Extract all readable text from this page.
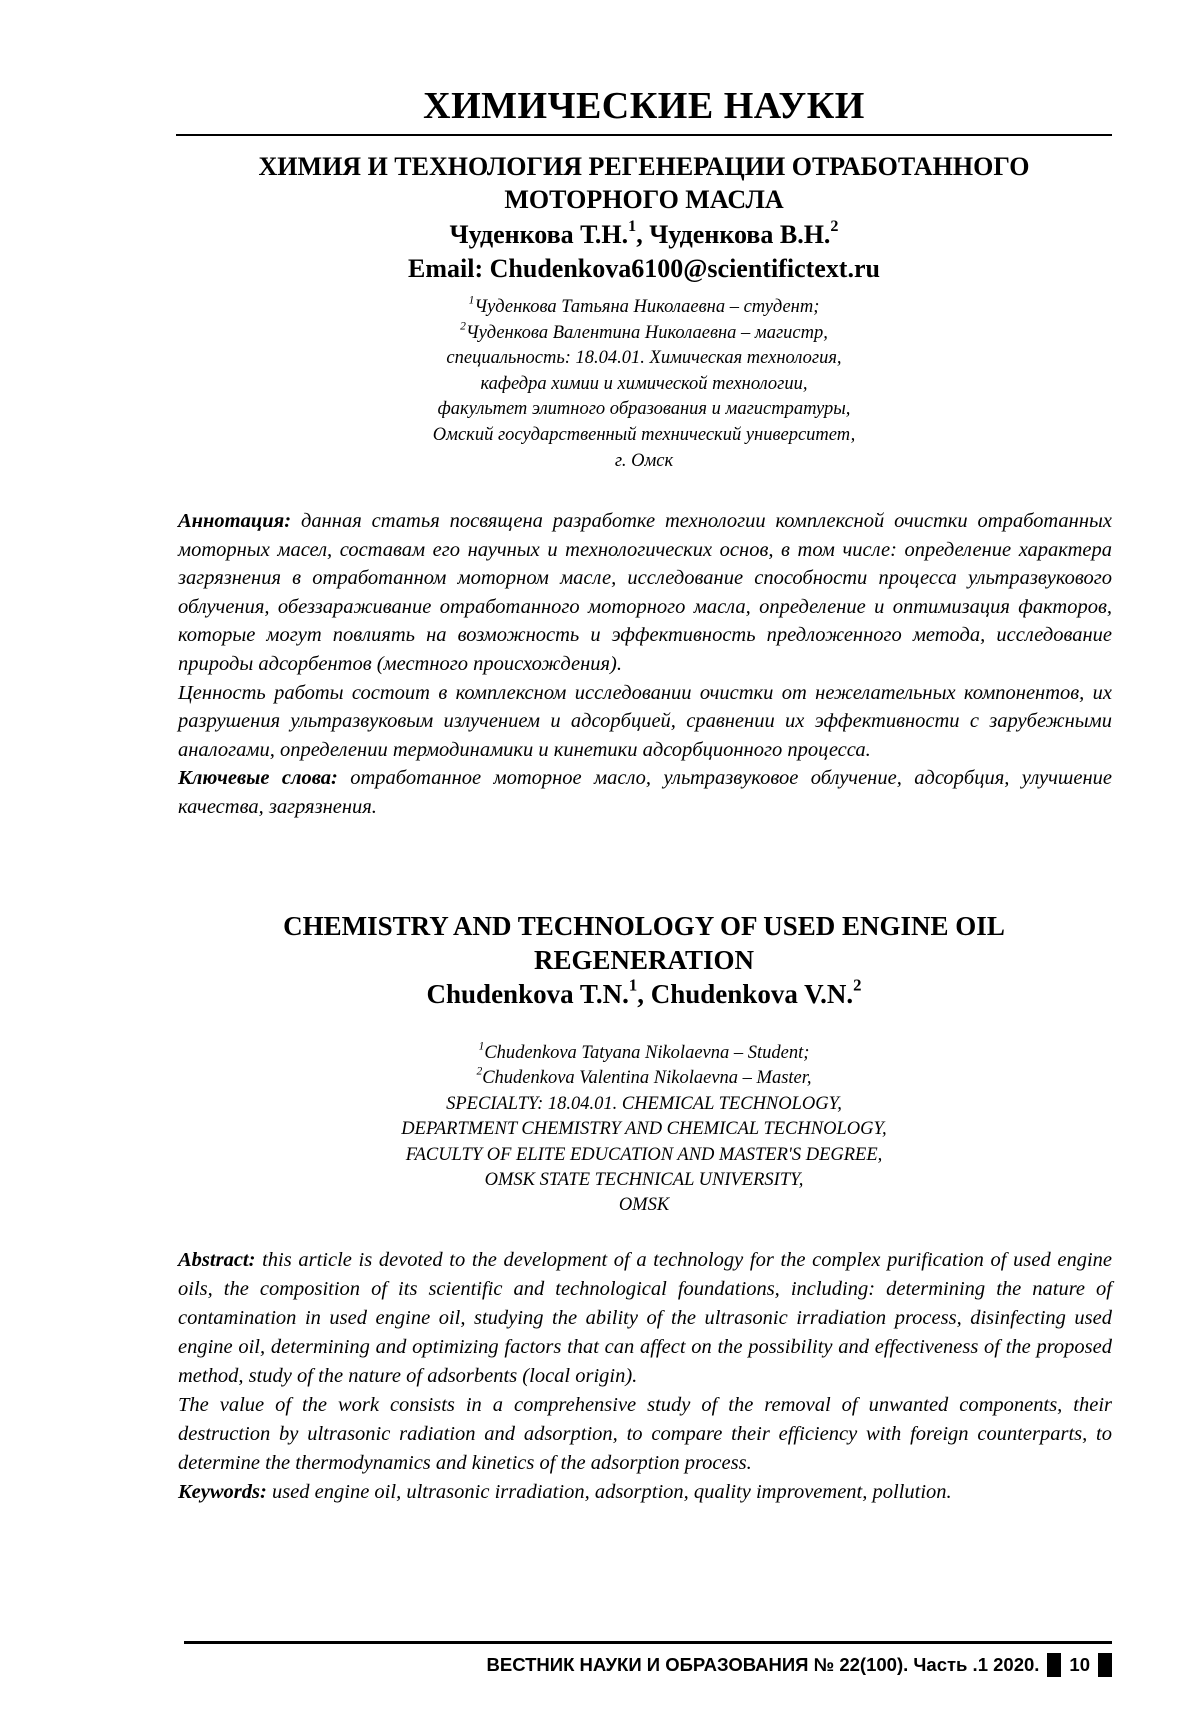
ХИМИЧЕСКИЕ НАУКИ
ХИМИЯ И ТЕХНОЛОГИЯ РЕГЕНЕРАЦИИ ОТРАБОТАННОГО
МОТОРНОГО МАСЛА
Чуденкова Т.Н.1, Чуденкова В.Н.2
Email: Chudenkova6100@scientifictext.ru
1Чуденкова Татьяна Николаевна – студент;
2Чуденкова Валентина Николаевна – магистр,
специальность: 18.04.01. Химическая технология,
кафедра химии и химической технологии,
факультет элитного образования и магистратуры,
Омский государственный технический университет,
г. Омск

Аннотация: данная статья посвящена разработке технологии комплексной очистки отработанных моторных масел, составам его научных и технологических основ, в том числе: определение характера загрязнения в отработанном моторном масле, исследование способности процесса ультразвукового облучения, обеззараживание отработанного моторного масла, определение и оптимизация факторов, которые могут повлиять на возможность и эффективность предложенного метода, исследование природы адсорбентов (местного происхождения).

Ценность работы состоит в комплексном исследовании очистки от нежелательных компонентов, их разрушения ультразвуковым излучением и адсорбцией, сравнении их эффективности с зарубежными аналогами, определении термодинамики и кинетики адсорбционного процесса.

Ключевые слова: отработанное моторное масло, ультразвуковое облучение, адсорбция, улучшение качества, загрязнения.

CHEMISTRY AND TECHNOLOGY OF USED ENGINE OIL
REGENERATION
Chudenkova T.N.1, Chudenkova V.N.2
1Chudenkova Tatyana Nikolaevna – Student;
2Chudenkova Valentina Nikolaevna – Master,
SPECIALTY: 18.04.01. CHEMICAL TECHNOLOGY,
DEPARTMENT CHEMISTRY AND CHEMICAL TECHNOLOGY,
FACULTY OF ELITE EDUCATION AND MASTER'S DEGREE,
OMSK STATE TECHNICAL UNIVERSITY,
OMSK

Abstract: this article is devoted to the development of a technology for the complex purification of used engine oils, the composition of its scientific and technological foundations, including: determining the nature of contamination in used engine oil, studying the ability of the ultrasonic irradiation process, disinfecting used engine oil, determining and optimizing factors that can affect on the possibility and effectiveness of the proposed method, study of the nature of adsorbents (local origin).

The value of the work consists in a comprehensive study of the removal of unwanted components, their destruction by ultrasonic radiation and adsorption, to compare their efficiency with foreign counterparts, to determine the thermodynamics and kinetics of the adsorption process.

Keywords: used engine oil, ultrasonic irradiation, adsorption, quality improvement, pollution.

ВЕСТНИК НАУКИ И ОБРАЗОВАНИЯ № 22(100). Часть .1 2020. 10
